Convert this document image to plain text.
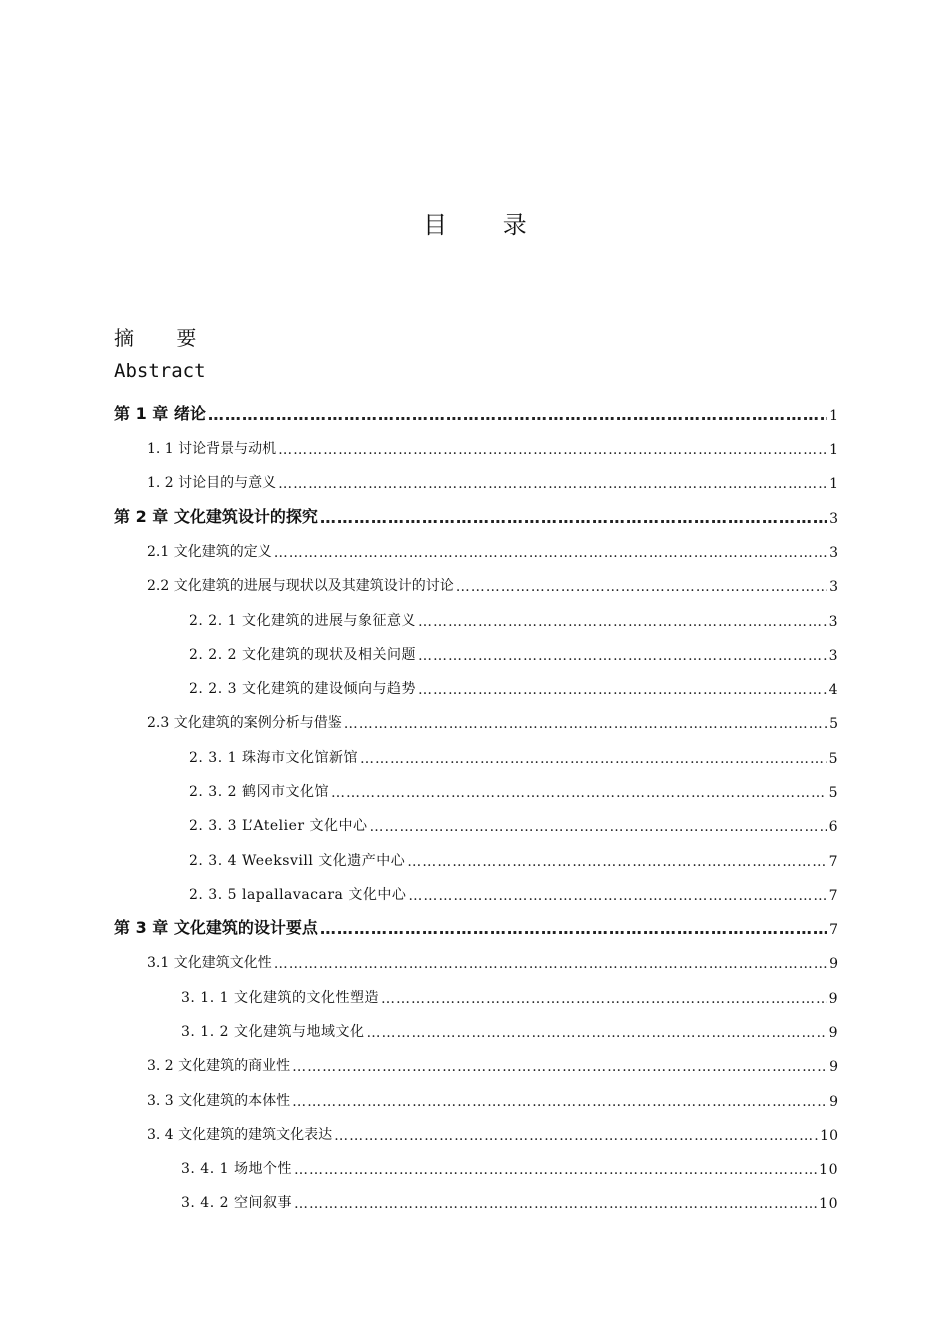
目 录
摘 要
Abstract
第 1 章 绪论 …………………………………………………………………………………………………………………………………………………………………………	1
1. 1 讨论背景与动机 …………………………………………………………………………………………………………………………………………………………………………	1
1. 2 讨论目的与意义 …………………………………………………………………………………………………………………………………………………………………………	1
第 2 章 文化建筑设计的探究 …………………………………………………………………………………………………………………………………………………………………………	3
2.1 文化建筑的定义 …………………………………………………………………………………………………………………………………………………………………………	3
2.2 文化建筑的进展与现状以及其建筑设计的讨论 …………………………………………………………………………………………………………………………………………………………………………	3
2. 2. 1 文化建筑的进展与象征意义 …………………………………………………………………………………………………………………………………………………………………………	3
2. 2. 2 文化建筑的现状及相关问题 …………………………………………………………………………………………………………………………………………………………………………	3
2. 2. 3 文化建筑的建设倾向与趋势 …………………………………………………………………………………………………………………………………………………………………………	4
2.3 文化建筑的案例分析与借鉴 …………………………………………………………………………………………………………………………………………………………………………	5
2. 3. 1 珠海市文化馆新馆 …………………………………………………………………………………………………………………………………………………………………………	5
2. 3. 2 鹤冈市文化馆 …………………………………………………………………………………………………………………………………………………………………………	5
2. 3. 3 L’Atelier 文化中心 …………………………………………………………………………………………………………………………………………………………………………	6
2. 3. 4 Weeksvill 文化遗产中心 …………………………………………………………………………………………………………………………………………………………………………	7
2. 3. 5 lapallavacara 文化中心 …………………………………………………………………………………………………………………………………………………………………………	7
第 3 章 文化建筑的设计要点 …………………………………………………………………………………………………………………………………………………………………………	7
3.1 文化建筑文化性 …………………………………………………………………………………………………………………………………………………………………………	9
3. 1. 1 文化建筑的文化性塑造 …………………………………………………………………………………………………………………………………………………………………………	9
3. 1. 2 文化建筑与地域文化 …………………………………………………………………………………………………………………………………………………………………………	9
3. 2 文化建筑的商业性 …………………………………………………………………………………………………………………………………………………………………………	9
3. 3 文化建筑的本体性 …………………………………………………………………………………………………………………………………………………………………………	9
3. 4 文化建筑的建筑文化表达 …………………………………………………………………………………………………………………………………………………………………………	10
3. 4. 1 场地个性 …………………………………………………………………………………………………………………………………………………………………………	10
3. 4. 2 空间叙事 …………………………………………………………………………………………………………………………………………………………………………	10
